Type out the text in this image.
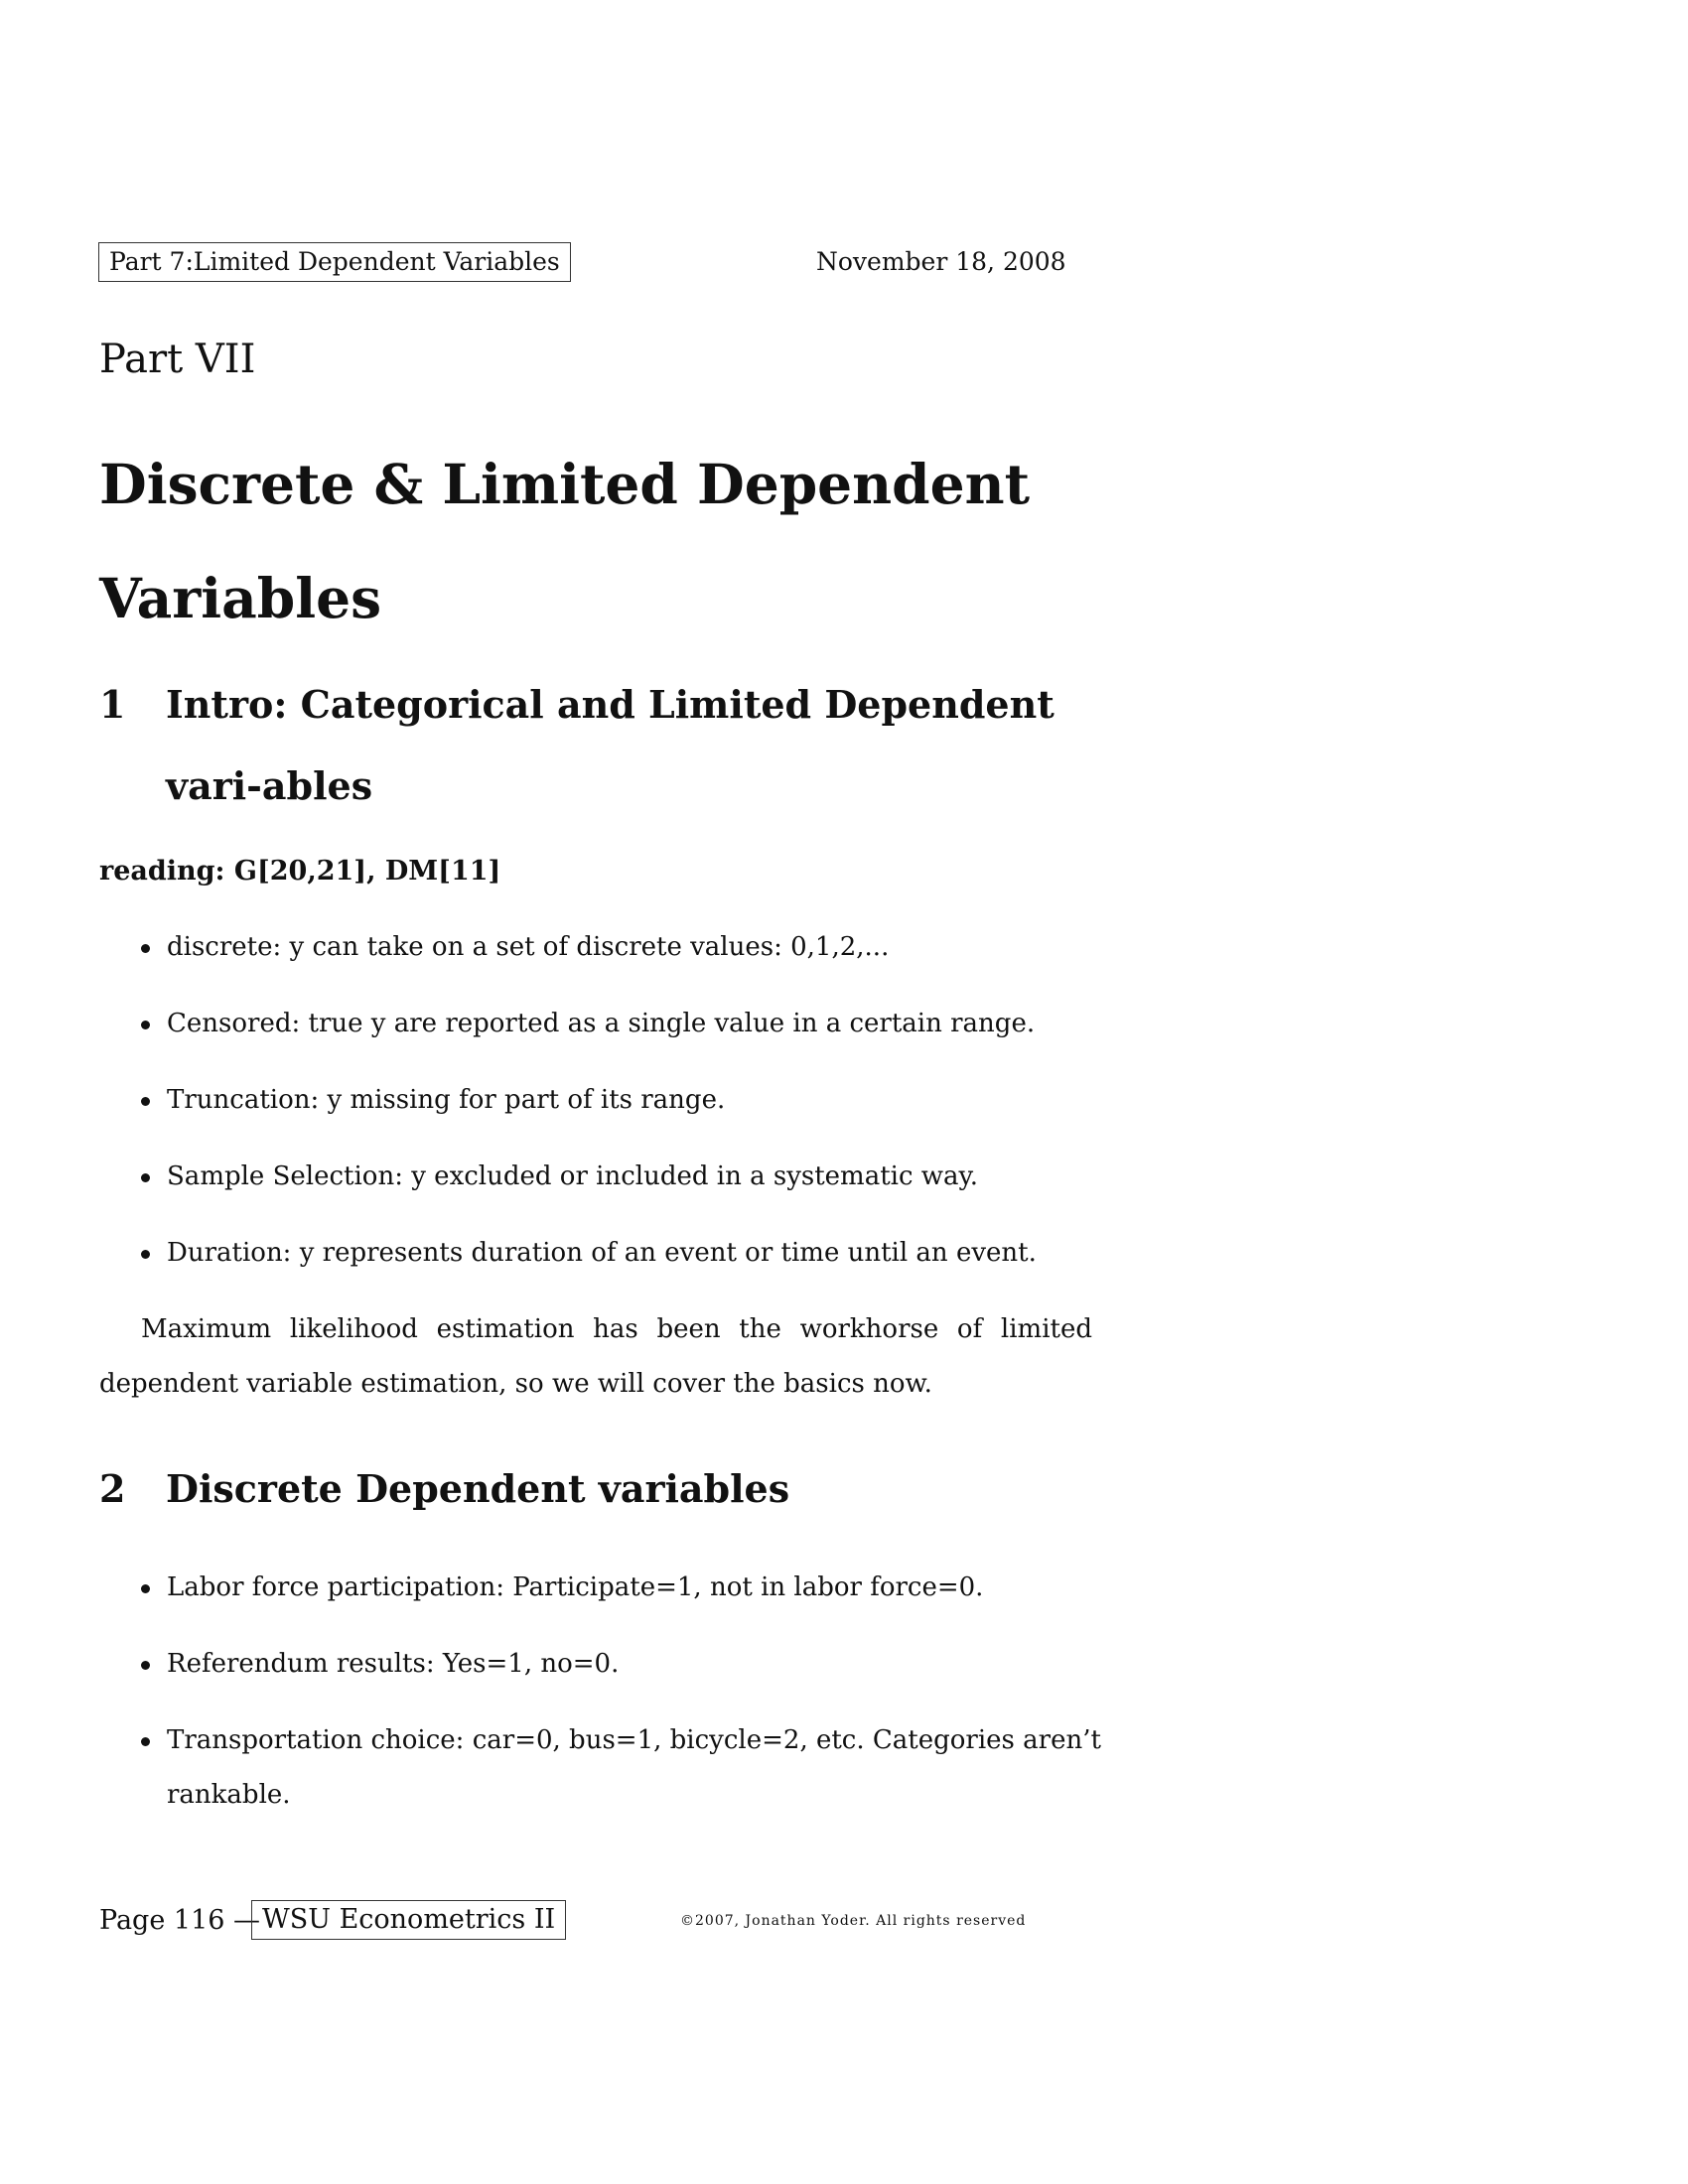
Part 7:Limited Dependent Variables	November 18, 2008
Part VII
Discrete & Limited Dependent Variables
1 Intro: Categorical and Limited Dependent vari-ables
reading: G[20,21], DM[11]
discrete: y can take on a set of discrete values: 0,1,2,...
Censored: true y are reported as a single value in a certain range.
Truncation: y missing for part of its range.
Sample Selection: y excluded or included in a systematic way.
Duration: y represents duration of an event or time until an event.

Maximum likelihood estimation has been the workhorse of limited dependent variable estimation, so we will cover the basics now.

2 Discrete Dependent variables
Labor force participation: Participate=1, not in labor force=0.
Referendum results: Yes=1, no=0.
Transportation choice: car=0, bus=1, bicycle=2, etc. Categories aren’t rankable.
Page 116 — WSU Econometrics II	©2007, Jonathan Yoder. All rights reserved
